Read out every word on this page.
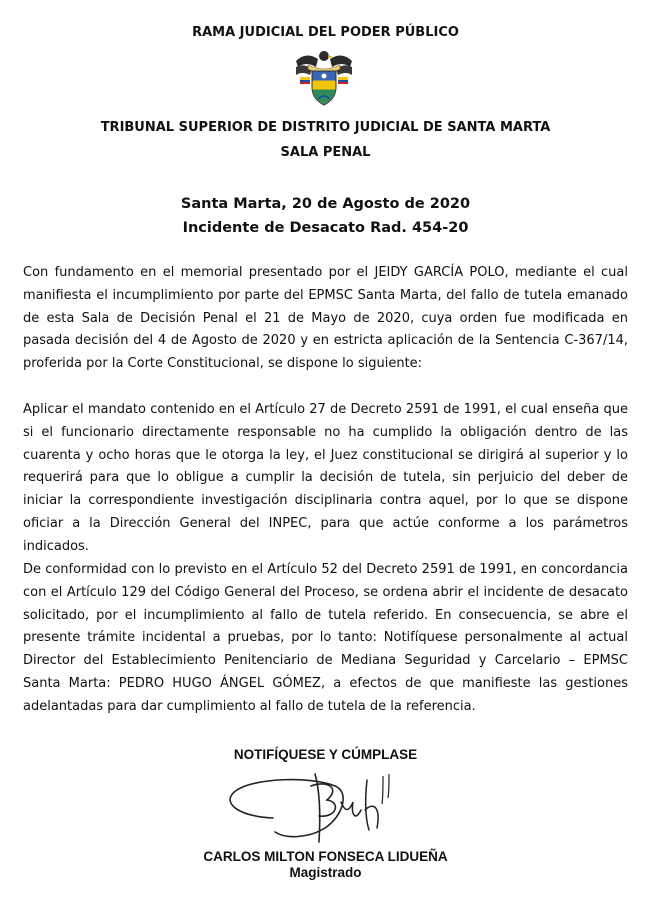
RAMA JUDICIAL DEL PODER PÚBLICO
TRIBUNAL SUPERIOR DE DISTRITO JUDICIAL DE SANTA MARTA
SALA PENAL
Santa Marta, 20 de Agosto de 2020
Incidente de Desacato Rad. 454-20

Con fundamento en el memorial presentado por el JEIDY GARCÍA POLO, mediante el cual manifiesta el incumplimiento por parte del EPMSC Santa Marta, del fallo de tutela emanado de esta Sala de Decisión Penal el 21 de Mayo de 2020, cuya orden fue modificada en pasada decisión del 4 de Agosto de 2020 y en estricta aplicación de la Sentencia C-367/14, proferida por la Corte Constitucional, se dispone lo siguiente:

Aplicar el mandato contenido en el Artículo 27 de Decreto 2591 de 1991, el cual enseña que si el funcionario directamente responsable no ha cumplido la obligación dentro de las cuarenta y ocho horas que le otorga la ley, el Juez constitucional se dirigirá al superior y lo requerirá para que lo obligue a cumplir la decisión de tutela, sin perjuicio del deber de iniciar la correspondiente investigación disciplinaria contra aquel, por lo que se dispone oficiar a la Dirección General del INPEC, para que actúe conforme a los parámetros indicados.

De conformidad con lo previsto en el Artículo 52 del Decreto 2591 de 1991, en concordancia con el Artículo 129 del Código General del Proceso, se ordena abrir el incidente de desacato solicitado, por el incumplimiento al fallo de tutela referido. En consecuencia, se abre el presente trámite incidental a pruebas, por lo tanto: Notifíquese personalmente al actual Director del Establecimiento Penitenciario de Mediana Seguridad y Carcelario – EPMSC Santa Marta: PEDRO HUGO ÁNGEL GÓMEZ, a efectos de que manifieste las gestiones adelantadas para dar cumplimiento al fallo de tutela de la referencia.

NOTIFÍQUESE Y CÚMPLASE
CARLOS MILTON FONSECA LIDUEÑA
Magistrado
